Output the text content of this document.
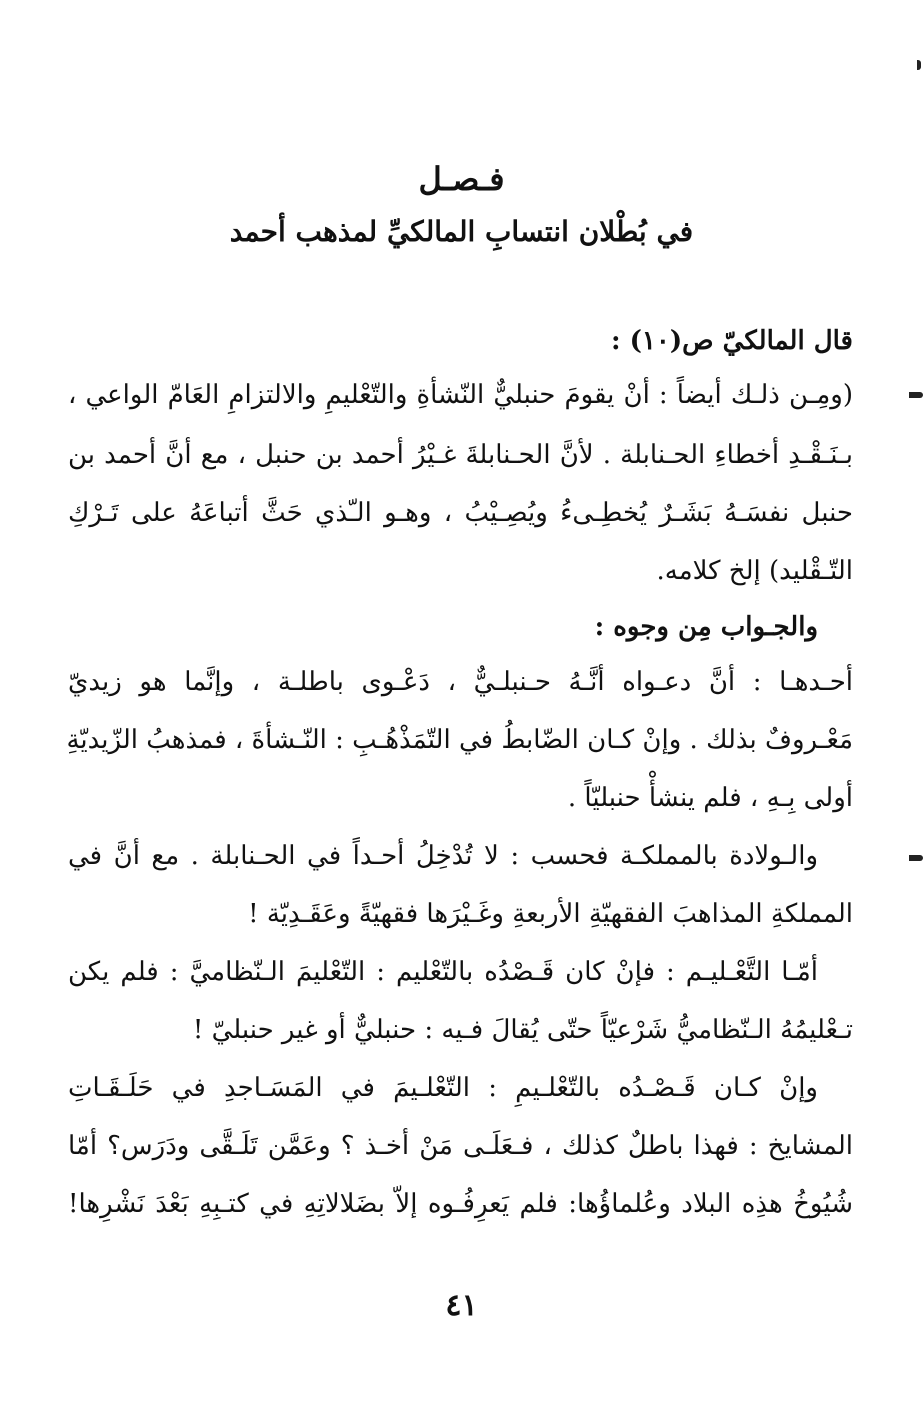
فـصـل
في بُطْلان انتسابِ المالكيِّ لمذهب أحمد

قال المالكيّ ص(١٠) :

(ومِـن ذلـك أيضاً : أنْ يقومَ حنبليٌّ النّشأةِ والتّعْليمِ والالتزامِ العَامّ الواعي ،

بـنَـقْـدِ أخطاءِ الحـنابلة . لأنَّ الحـنابلةَ غـيْرُ أحمد بن حنبل ، مع أنَّ أحمد بن

حنبل نفسَـهُ بَشَـرٌ يُخطِـىءُ ويُصِـيْبُ ، وهـو الـّذي حَثَّ أتباعَهُ على تَـرْكِ

التّـقْليد) إلخ كلامه.

والجـواب مِن وجوه :

أحـدهـا : أنَّ دعـواه أنَّـهُ حـنبلـيٌّ ، دَعْـوى باطلـة ، وإنَّما هو زيديّ

مَعْـروفٌ بذلك . وإنْ كـان الضّابطُ في التّمَذْهُـبِ : النّـشأةَ ، فمذهبُ الزّيديّةِ

أولى بِـهِ ، فلم ينشأْ حنبليّاً .

والـولادة بالمملكـة فحسب : لا تُدْخِلُ أحـداً في الحـنابلة . مع أنَّ في

المملكةِ المذاهبَ الفقهيّةِ الأربعةِ وغَـيْرَها فقهيّةً وعَقَـدِيّة !

أمّـا التَّعْـليـم : فإنْ كان قَـصْدُه بالتّعْليم : التّعْليمَ الـنّظاميَّ : فلم يكن

تـعْليمُهُ الـنّظاميُّ شَرْعيّاً حتّى يُقالَ فـيه : حنبليٌّ أو غير حنبليّ !

وإنْ كـان قَـصْـدُه بالتّعْلـيمِ : التّعْلـيمَ في المَسَـاجدِ في حَلَـقَـاتِ

المشايخ : فهذا باطلٌ كذلك ، فـعَلَـى مَنْ أخـذ ؟ وعَمَّن تَلَـقَّى ودَرَس؟ أمّا

شُيُوخُ هذِه البلاد وعُلماؤُها: فلم يَعرِفُـوه إلاّ بضَلالاتِهِ في كتـبِهِ بَعْدَ نَشْرِها!

٤١
